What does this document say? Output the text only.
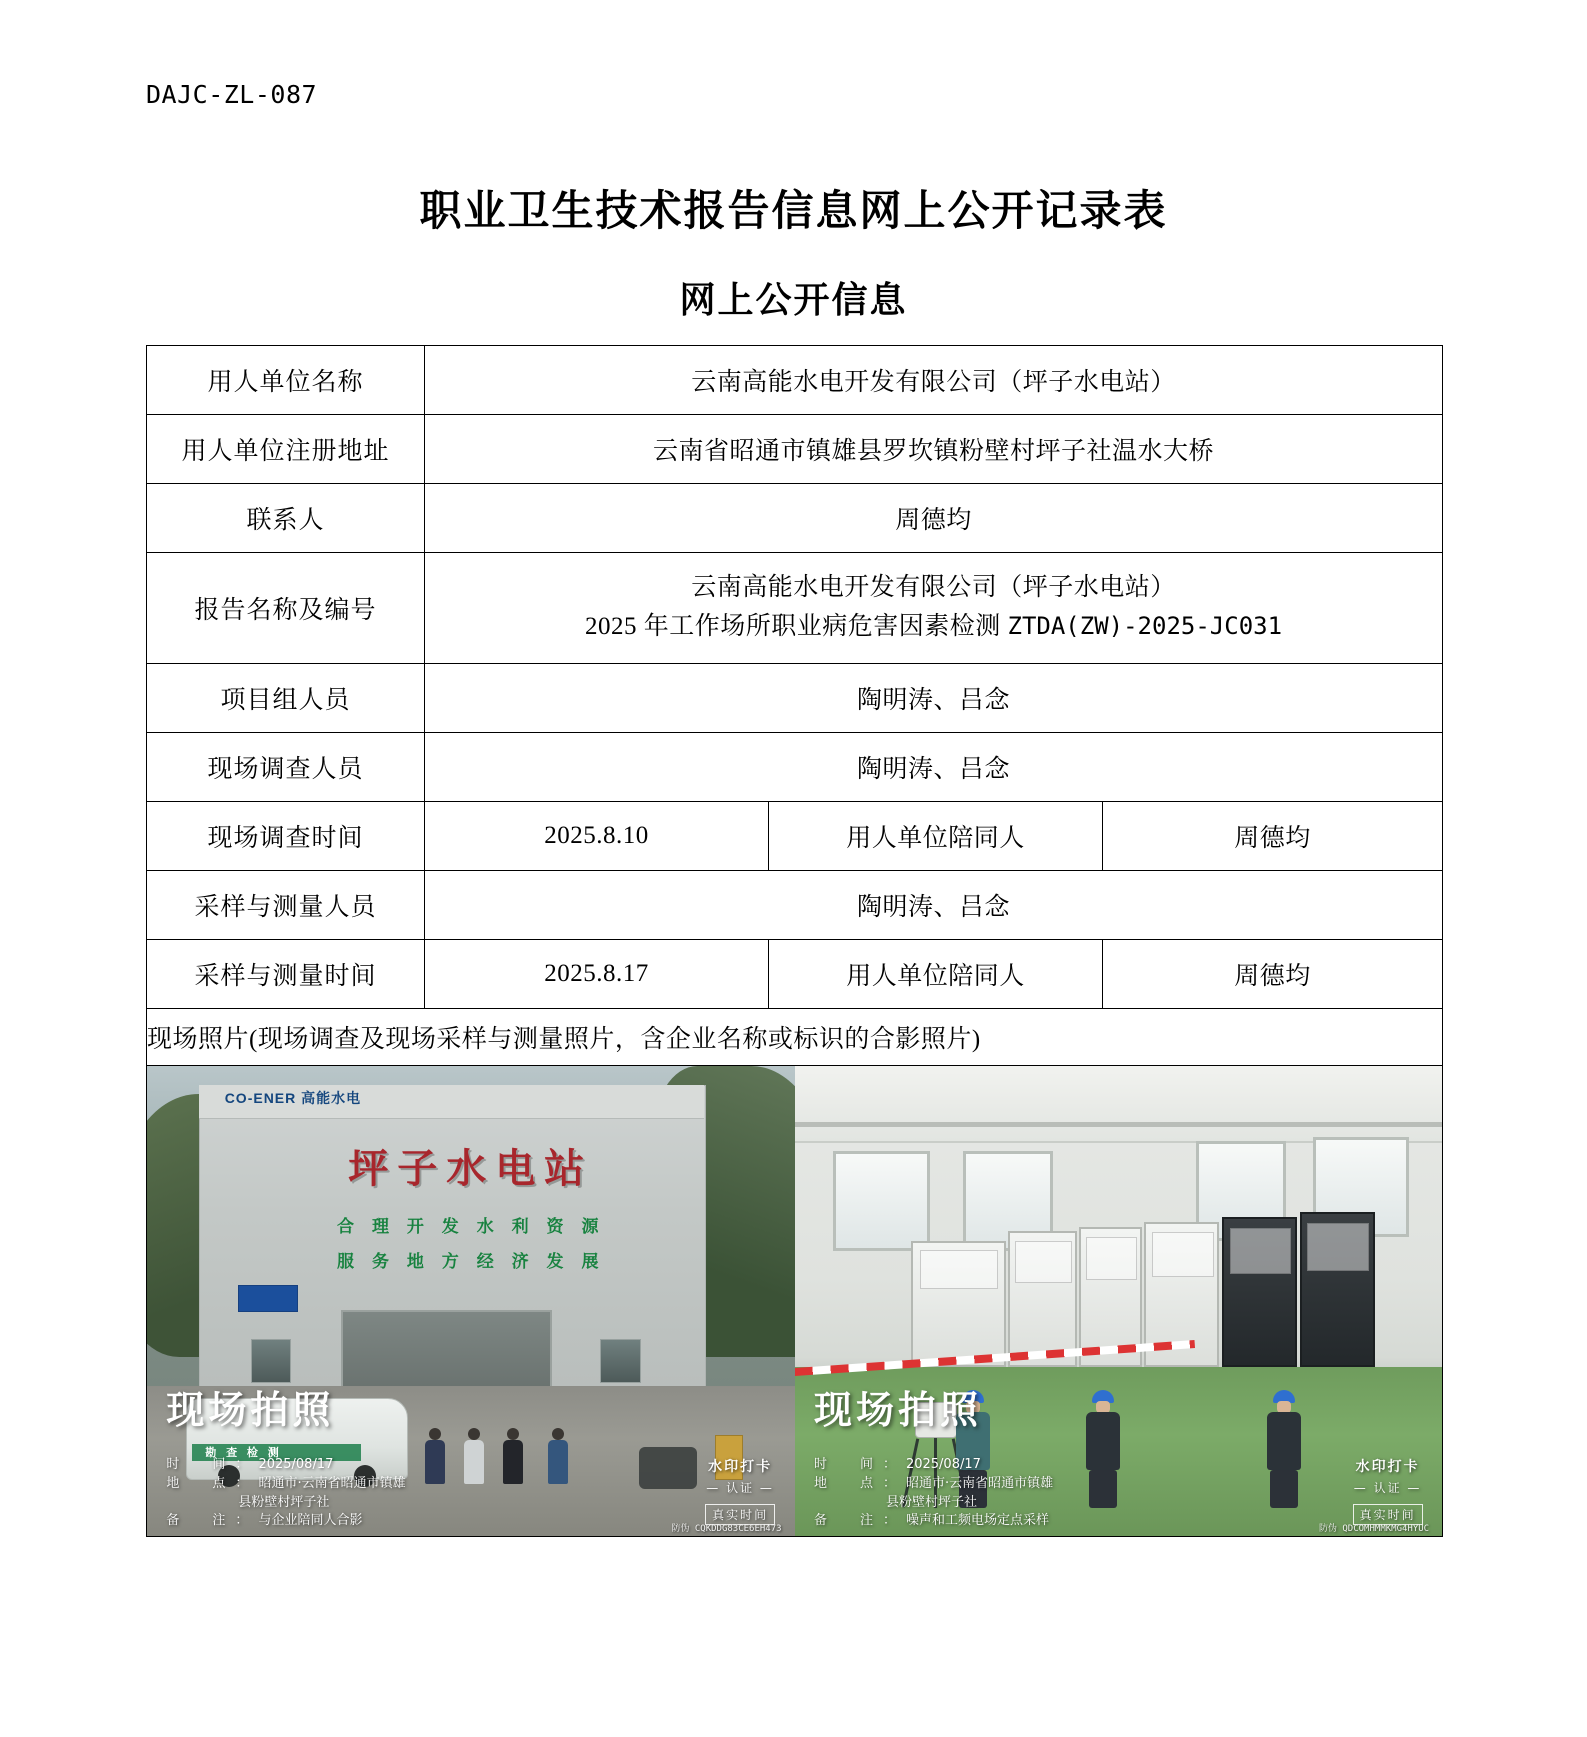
DAJC-ZL-087
职业卫生技术报告信息网上公开记录表
网上公开信息
用人单位名称	云南高能水电开发有限公司（坪子水电站）		
用人单位注册地址	云南省昭通市镇雄县罗坎镇粉壁村坪子社温水大桥		
联系人	周德均		
报告名称及编号	云南高能水电开发有限公司（坪子水电站）
2025 年工作场所职业病危害因素检测 ZTDA(ZW)-2025-JC031		

项目组人员	陶明涛、吕念		
现场调查人员	陶明涛、吕念		
现场调查时间	2025.8.10	用人单位陪同人	周德均
采样与测量人员	陶明涛、吕念		
采样与测量时间	2025.8.17	用人单位陪同人	周德均
现场照片(现场调查及现场采样与测量照片，含企业名称或标识的合影照片)			

CO-ENER 高能水电
坪子水电站
合 理 开 发 水 利 资 源
服 务 地 方 经 济 发 展
勘 查 检 测
现场拍照
时　间：2025/08/17
地　点：昭通市·云南省昭通市镇雄
县粉壁村坪子社
备　注：与企业陪同人合影
水印打卡
— 认证 —
真实时间
防伪 CQKDDG83CE6EH473
现场拍照
时　间：2025/08/17
地　点：昭通市·云南省昭通市镇雄
县粉壁村坪子社
备　注：噪声和工频电场定点采样
水印打卡
— 认证 —
真实时间
防伪 QDCOMHMMKMG4HYUC
